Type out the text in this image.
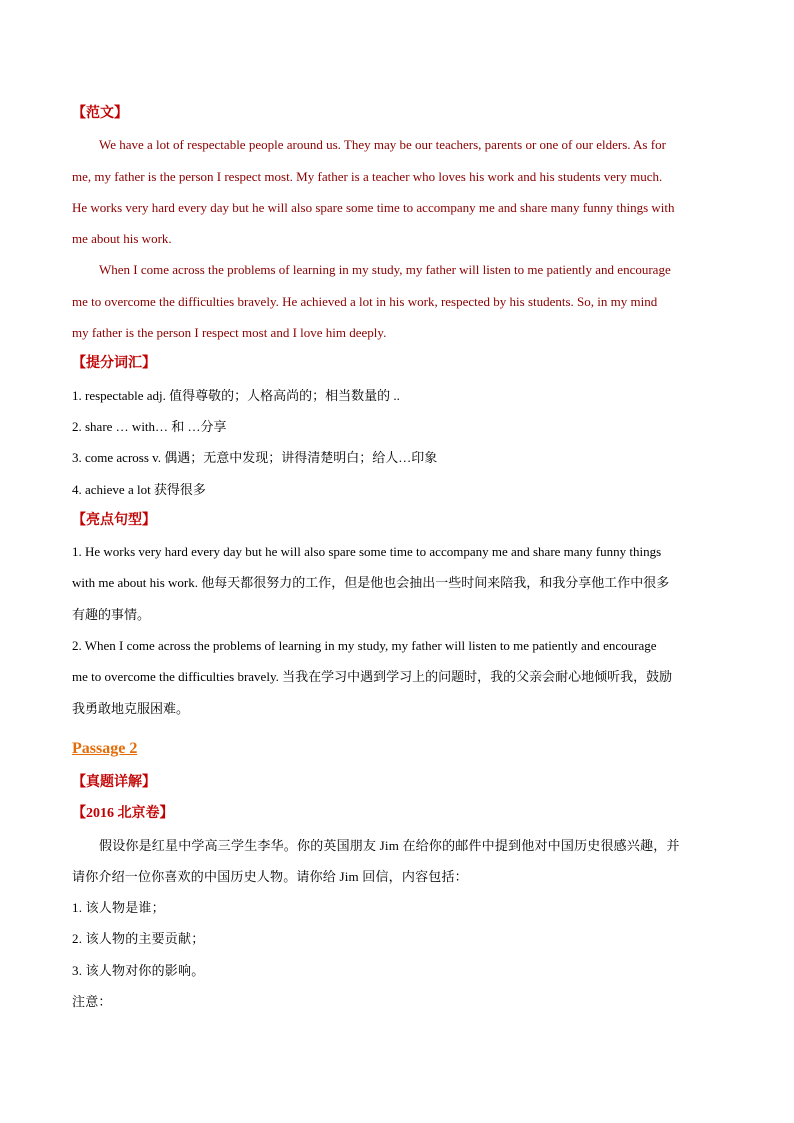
【范文】
We have a lot of respectable people around us. They may be our teachers, parents or one of our elders. As for
me, my father is the person I respect most. My father is a teacher who loves his work and his students very much.
He works very hard every day but he will also spare some time to accompany me and share many funny things with
me about his work.
When I come across the problems of learning in my study, my father will listen to me patiently and encourage
me to overcome the difficulties bravely. He achieved a lot in his work, respected by his students. So, in my mind
my father is the person I respect most and I love him deeply.
【提分词汇】
1. respectable adj. 值得尊敬的；人格高尚的；相当数量的 ..
2. share … with… 和 …分享
3. come across v. 偶遇；无意中发现；讲得清楚明白；给人…印象
4. achieve a lot 获得很多
【亮点句型】
1. He works very hard every day but he will also spare some time to accompany me and share many funny things
with me about his work. 他每天都很努力的工作，但是他也会抽出一些时间来陪我，和我分享他工作中很多
有趣的事情。
2. When I come across the problems of learning in my study, my father will listen to me patiently and encourage
me to overcome the difficulties bravely. 当我在学习中遇到学习上的问题时，我的父亲会耐心地倾听我，鼓励
我勇敢地克服困难。
Passage 2
【真题详解】
【2016 北京卷】
假设你是红星中学高三学生李华。你的英国朋友 Jim 在给你的邮件中提到他对中国历史很感兴趣，并
请你介绍一位你喜欢的中国历史人物。请你给 Jim 回信，内容包括：
1. 该人物是谁；
2. 该人物的主要贡献；
3. 该人物对你的影响。
注意：
